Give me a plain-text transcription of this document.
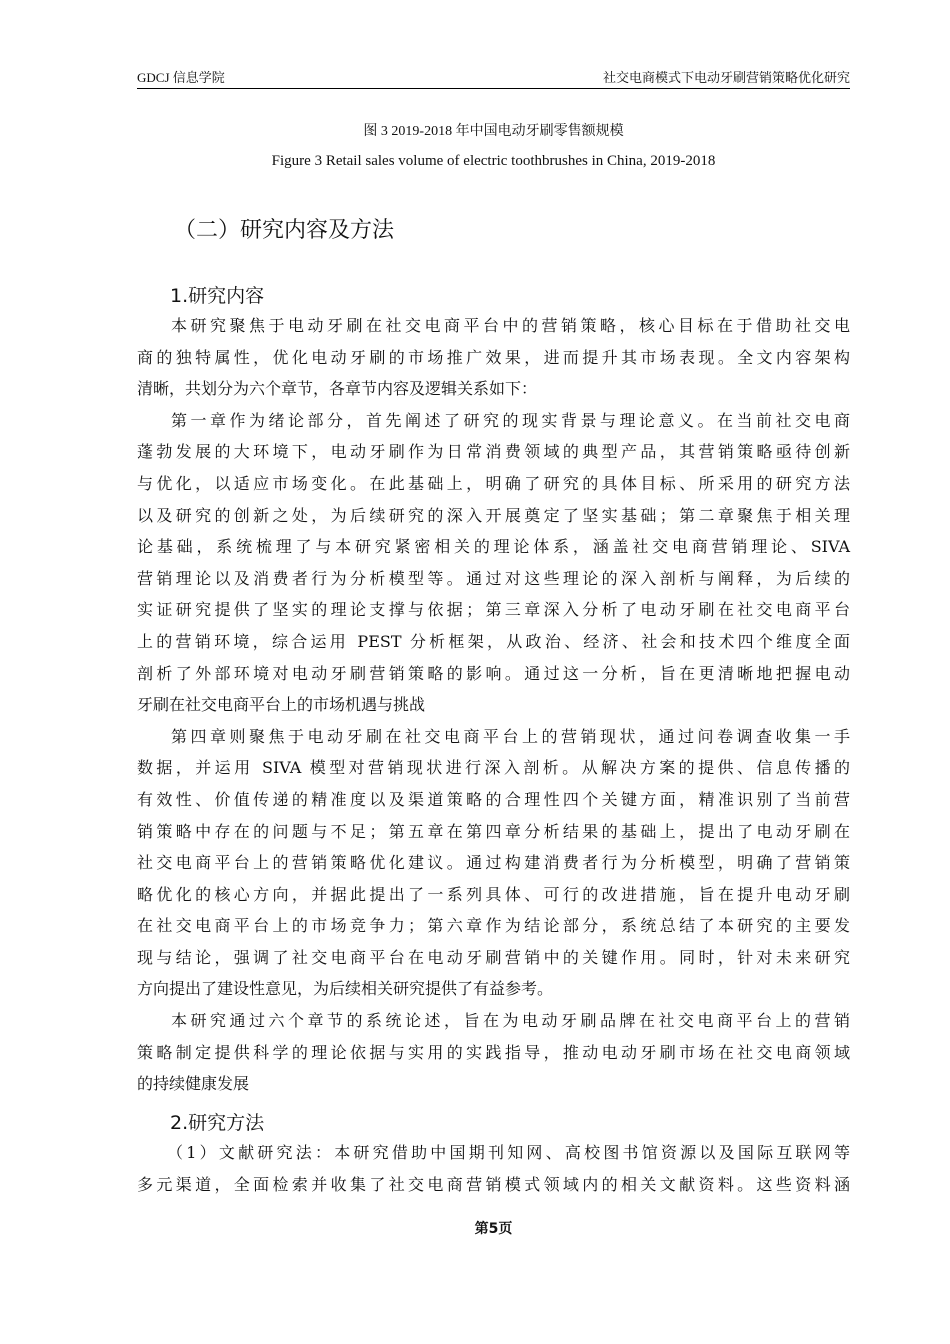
GDCJ 信息学院	社交电商模式下电动牙刷营销策略优化研究
图 3 2019-2018 年中国电动牙刷零售额规模
Figure 3 Retail sales volume of electric toothbrushes in China, 2019-2018
（二）研究内容及方法
1.研究内容
本研究聚焦于电动牙刷在社交电商平台中的营销策略，核心目标在于借助社交电
商的独特属性，优化电动牙刷的市场推广效果，进而提升其市场表现。全文内容架构
清晰，共划分为六个章节，各章节内容及逻辑关系如下：
第一章作为绪论部分，首先阐述了研究的现实背景与理论意义。在当前社交电商
蓬勃发展的大环境下，电动牙刷作为日常消费领域的典型产品，其营销策略亟待创新
与优化，以适应市场变化。在此基础上，明确了研究的具体目标、所采用的研究方法
以及研究的创新之处，为后续研究的深入开展奠定了坚实基础；第二章聚焦于相关理
论基础，系统梳理了与本研究紧密相关的理论体系，涵盖社交电商营销理论、SIVA
营销理论以及消费者行为分析模型等。通过对这些理论的深入剖析与阐释，为后续的
实证研究提供了坚实的理论支撑与依据；第三章深入分析了电动牙刷在社交电商平台
上的营销环境，综合运用 PEST 分析框架，从政治、经济、社会和技术四个维度全面
剖析了外部环境对电动牙刷营销策略的影响。通过这一分析，旨在更清晰地把握电动
牙刷在社交电商平台上的市场机遇与挑战
第四章则聚焦于电动牙刷在社交电商平台上的营销现状，通过问卷调查收集一手
数据，并运用 SIVA 模型对营销现状进行深入剖析。从解决方案的提供、信息传播的
有效性、价值传递的精准度以及渠道策略的合理性四个关键方面，精准识别了当前营
销策略中存在的问题与不足；第五章在第四章分析结果的基础上，提出了电动牙刷在
社交电商平台上的营销策略优化建议。通过构建消费者行为分析模型，明确了营销策
略优化的核心方向，并据此提出了一系列具体、可行的改进措施，旨在提升电动牙刷
在社交电商平台上的市场竞争力；第六章作为结论部分，系统总结了本研究的主要发
现与结论，强调了社交电商平台在电动牙刷营销中的关键作用。同时，针对未来研究
方向提出了建设性意见，为后续相关研究提供了有益参考。
本研究通过六个章节的系统论述，旨在为电动牙刷品牌在社交电商平台上的营销
策略制定提供科学的理论依据与实用的实践指导，推动电动牙刷市场在社交电商领域
的持续健康发展
2.研究方法
（1）文献研究法：本研究借助中国期刊知网、高校图书馆资源以及国际互联网等
多元渠道，全面检索并收集了社交电商营销模式领域内的相关文献资料。这些资料涵
第5页
